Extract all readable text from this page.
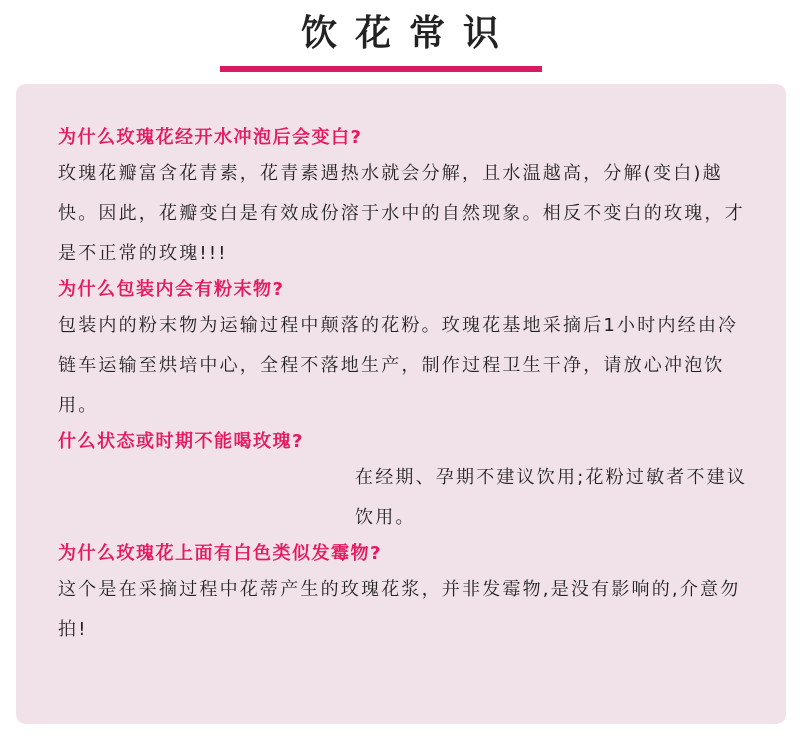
饮花常识

为什么玫瑰花经开水冲泡后会变白?

玫瑰花瓣富含花青素，花青素遇热水就会分解，且水温越高，分解(变白)越快。因此，花瓣变白是有效成份溶于水中的自然现象。相反不变白的玫瑰，才是不正常的玫瑰!!!

为什么包装内会有粉末物?

包装内的粉末物为运输过程中颠落的花粉。玫瑰花基地采摘后1小时内经由冷链车运输至烘培中心，全程不落地生产，制作过程卫生干净，请放心冲泡饮用。

什么状态或时期不能喝玫瑰?

在经期、孕期不建议饮用;花粉过敏者不建议饮用。

为什么玫瑰花上面有白色类似发霉物?

这个是在采摘过程中花蒂产生的玫瑰花浆，并非发霉物,是没有影响的,介意勿拍!
